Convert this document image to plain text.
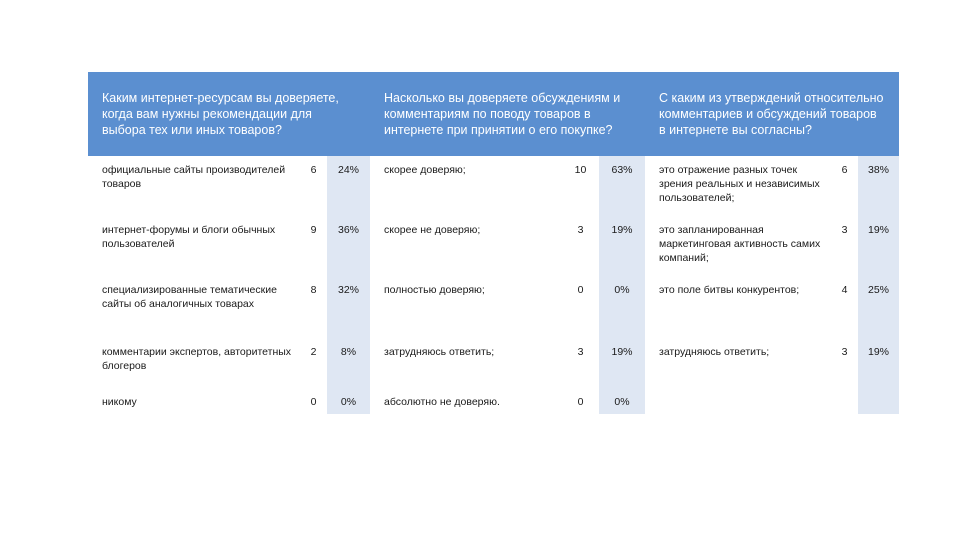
Каким интернет-ресурсам вы доверяете, когда вам нужны рекомендации для выбора тех или иных товаров?			Насколько вы доверяете обсуждениям и комментариям по поводу товаров в интернете при принятии о его покупке?			С каким из утверждений относительно комментариев и обсуждений товаров в интернете вы согласны?		
официальные сайты производителей товаров	6	24%	скорее доверяю;	10	63%	это отражение разных точек зрения реальных и независимых пользователей;	6	38%
интернет-форумы и блоги обычных пользователей	9	36%	скорее не доверяю;	3	19%	это запланированная маркетинговая активность самих компаний;	3	19%
специализированные тематические сайты об аналогичных товарах	8	32%	полностью доверяю;	0	0%	это поле битвы конкурентов;	4	25%
комментарии экспертов, авторитетных блогеров	2	8%	затрудняюсь ответить;	3	19%	затрудняюсь ответить;	3	19%
никому	0	0%	абсолютно не доверяю.	0	0%			
